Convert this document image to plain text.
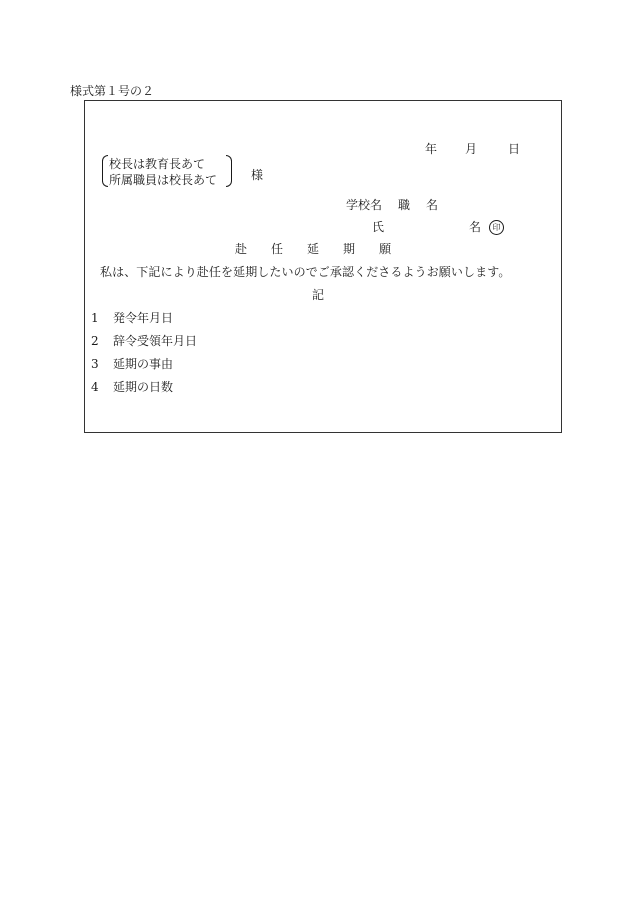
様式第１号の２
年 月	日
校長は教育長あて
所属職員は校長あて	様
学校名 職 名
氏	名 印
赴 任 延 期 願
私は、下記により赴任を延期したいのでご承認くださるようお願いします。
記
1 発令年月日
2 辞令受領年月日
3 延期の事由
4 延期の日数
